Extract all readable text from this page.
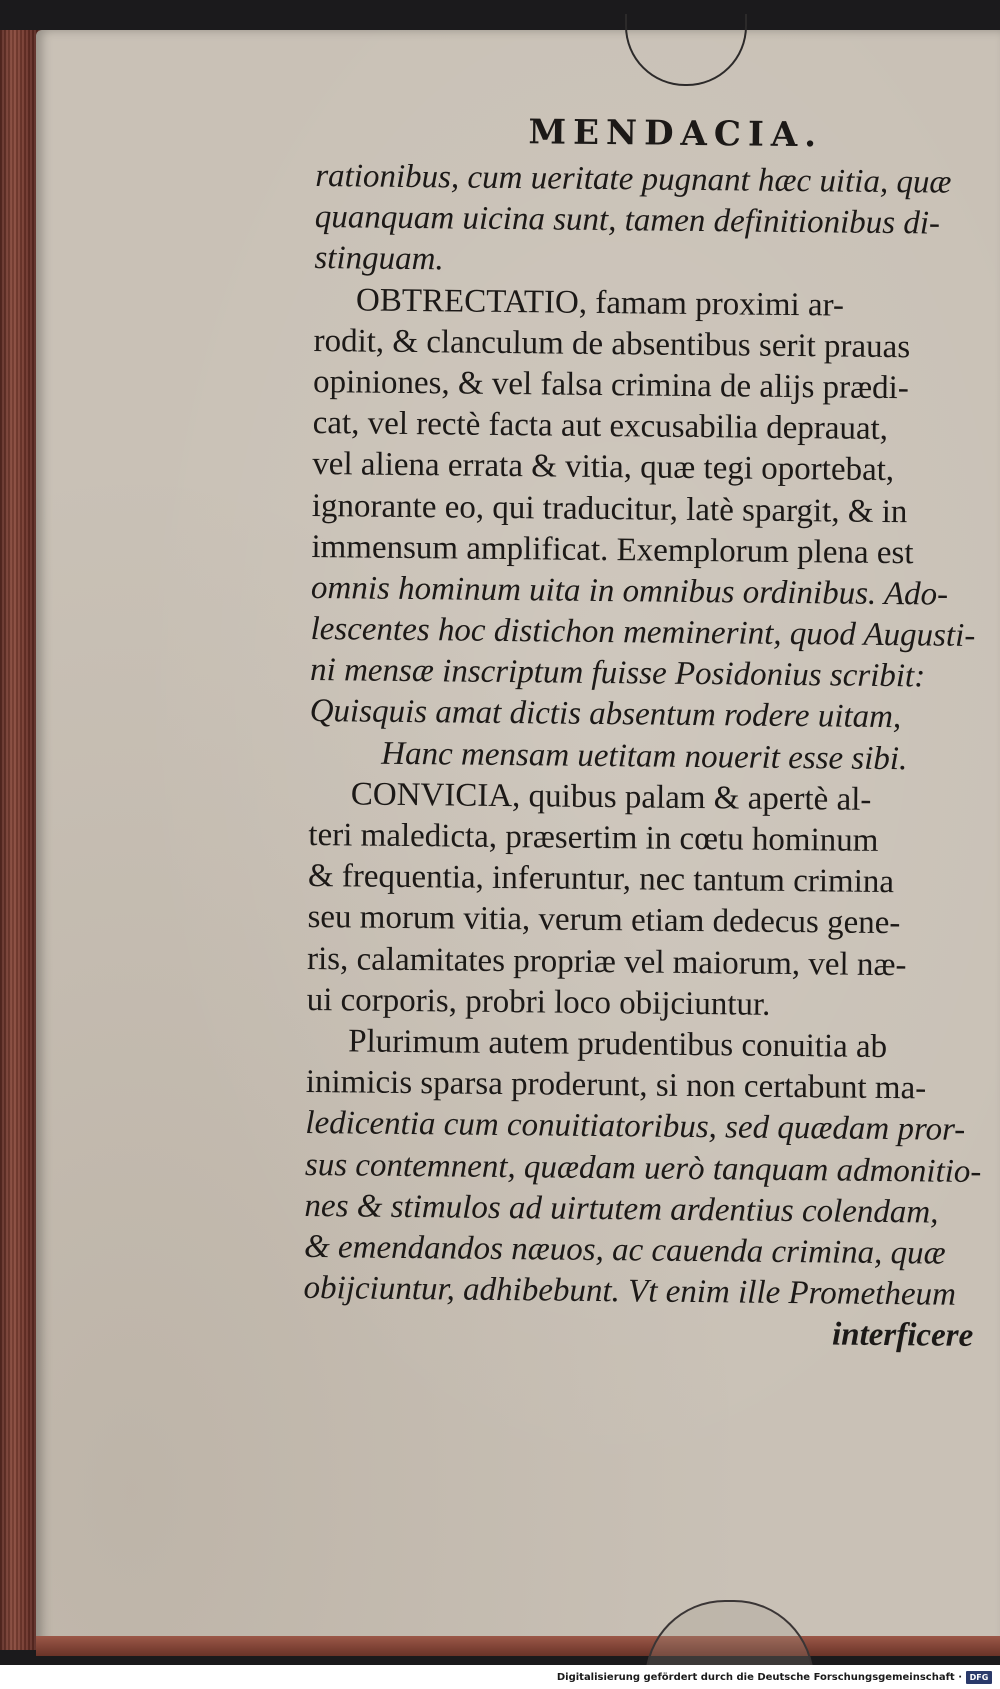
MENDACIA.
rationibus, cum ueritate pugnant hæc uitia, quæ
quanquam uicina sunt, tamen definitionibus di-
stinguam.
OBTRECTATIO, famam proximi ar-
rodit, & clanculum de absentibus serit prauas
opiniones, & vel falsa crimina de alijs prædi-
cat, vel rectè facta aut excusabilia deprauat,
vel aliena errata & vitia, quæ tegi oportebat,
ignorante eo, qui traducitur, latè spargit, & in
immensum amplificat. Exemplorum plena est
omnis hominum uita in omnibus ordinibus. Ado-
lescentes hoc distichon meminerint, quod Augusti-
ni mensæ inscriptum fuisse Posidonius scribit:
Quisquis amat dictis absentum rodere uitam,
Hanc mensam uetitam nouerit esse sibi.
CONVICIA, quibus palam & apertè al-
teri maledicta, præsertim in cœtu hominum
& frequentia, inferuntur, nec tantum crimina
seu morum vitia, verum etiam dedecus gene-
ris, calamitates propriæ vel maiorum, vel næ-
ui corporis, probri loco obijciuntur.
Plurimum autem prudentibus conuitia ab
inimicis sparsa proderunt, si non certabunt ma-
ledicentia cum conuitiatoribus, sed quædam pror-
sus contemnent, quædam uerò tanquam admonitio-
nes & stimulos ad uirtutem ardentius colendam,
& emendandos næuos, ac cauenda crimina, quæ
obijciuntur, adhibebunt. Vt enim ille Prometheum
interficere
Digitalisierung gefördert durch die Deutsche Forschungsgemeinschaft · DFG
